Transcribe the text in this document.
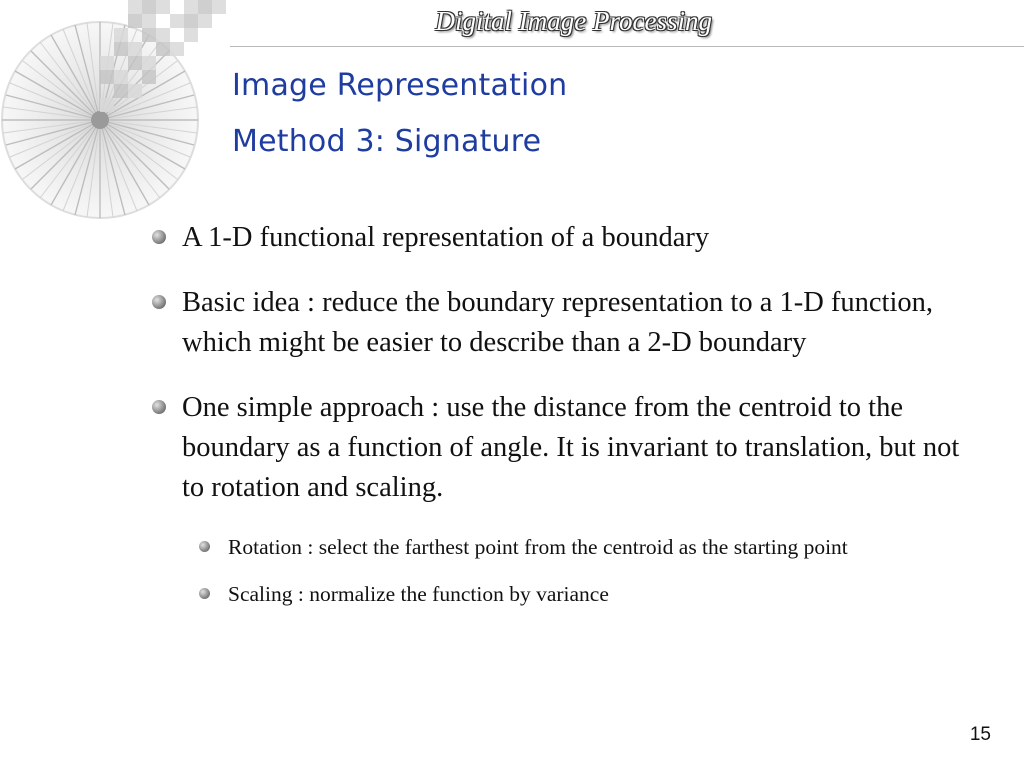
Digital Image Processing
Image Representation
Method 3: Signature
A 1-D functional representation of a boundary
Basic idea : reduce the boundary representation to a 1-D function, which might be easier to describe than a 2-D boundary
One simple approach : use the distance from the centroid to the boundary as a function of angle. It is invariant to translation, but not to rotation and scaling.
Rotation : select the farthest point from the centroid as the starting point
Scaling : normalize the function by variance
15
